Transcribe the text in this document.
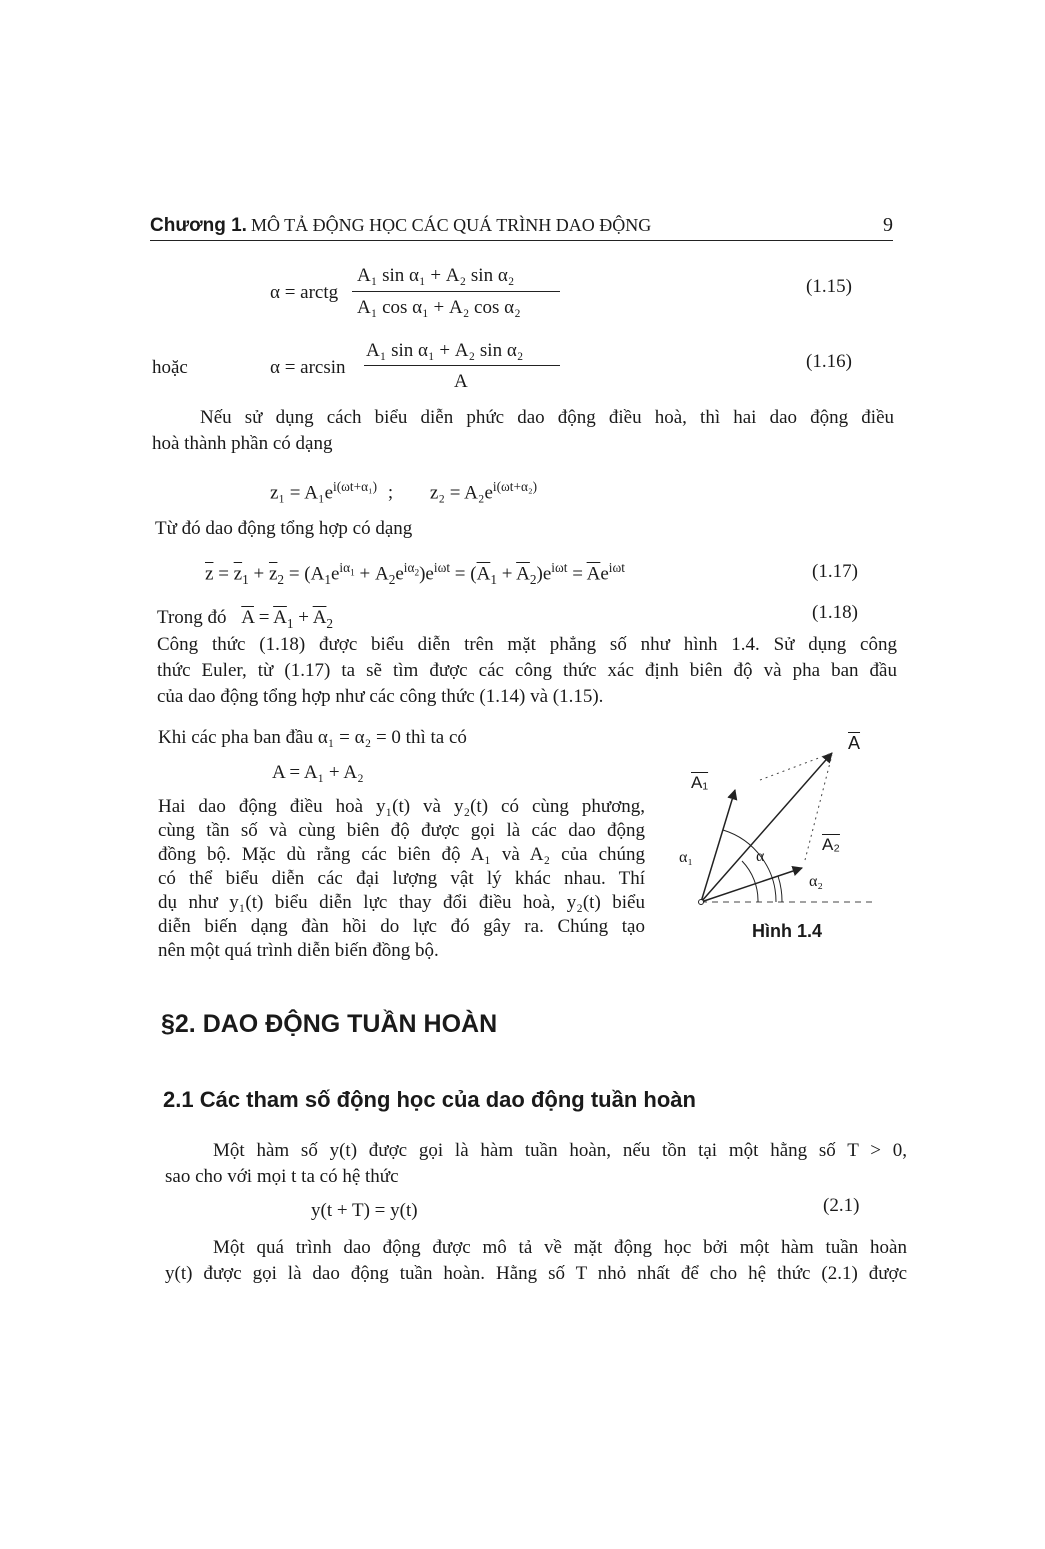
Chương 1. MÔ TẢ ĐỘNG HỌC CÁC QUÁ TRÌNH DAO ĐỘNG	9
α = arctg
A₁ sin α₁ + A₂ sin α₂
A₁ cos α₁ + A₂ cos α₂
(1.15)
hoặc	α = arcsin
A₁ sin α₁ + A₂ sin α₂
A
(1.16)
Nếu sử dụng cách biểu diễn phức dao động điều hoà, thì hai dao động điều
hoà thành phần có dạng
$z_1 = A_1e^{i(\omega t+\alpha_1)}$ ; $z_2 = A_2e^{i(\omega t+\alpha_2)}$
Từ đó dao động tổng hợp có dạng
$\overline{z} = \overline{z}_1 + \overline{z}_2 = (A_1e^{i\alpha_1} + A_2e^{i\alpha_2})e^{i\omega t} = (\overline{A}_1 + \overline{A}_2)e^{i\omega t} = \overline{A}e^{i\omega t}$	(1.17)
Trong đó $\overline{A} = \overline{A}_1 + \overline{A}_2$
(1.18)
Công thức (1.18) được biểu diễn trên mặt phẳng số như hình 1.4. Sử dụng công
thức Euler, từ (1.17) ta sẽ tìm được các công thức xác định biên độ và pha ban đầu
của dao động tổng hợp như các công thức (1.14) và (1.15).
Khi các pha ban đầu α₁ = α₂ = 0 thì ta có
A = A₁ + A₂
Hai dao động điều hoà y₁(t) và y₂(t) có cùng phương,
cùng tần số và cùng biên độ được gọi là các dao động
đồng bộ. Mặc dù rằng các biên độ A₁ và A₂ của chúng
có thể biểu diễn các đại lượng vật lý khác nhau. Thí
dụ như y₁(t) biểu diễn lực thay đổi điều hoà, y₂(t) biểu
diễn biến dạng đàn hồi do lực đó gây ra. Chúng tạo
nên một quá trình diễn biến đồng bộ.
$\overline{A}$
A₁
A₂
α
α₁
α₂
Hình 1.4
§2. DAO ĐỘNG TUẦN HOÀN
2.1 Các tham số động học của dao động tuần hoàn
Một hàm số y(t) được gọi là hàm tuần hoàn, nếu tồn tại một hằng số T > 0,
sao cho với mọi t ta có hệ thức
y(t + T) = y(t)	(2.1)
Một quá trình dao động được mô tả về mặt động học bởi một hàm tuần hoàn
y(t) được gọi là dao động tuần hoàn. Hằng số T nhỏ nhất để cho hệ thức (2.1) được
